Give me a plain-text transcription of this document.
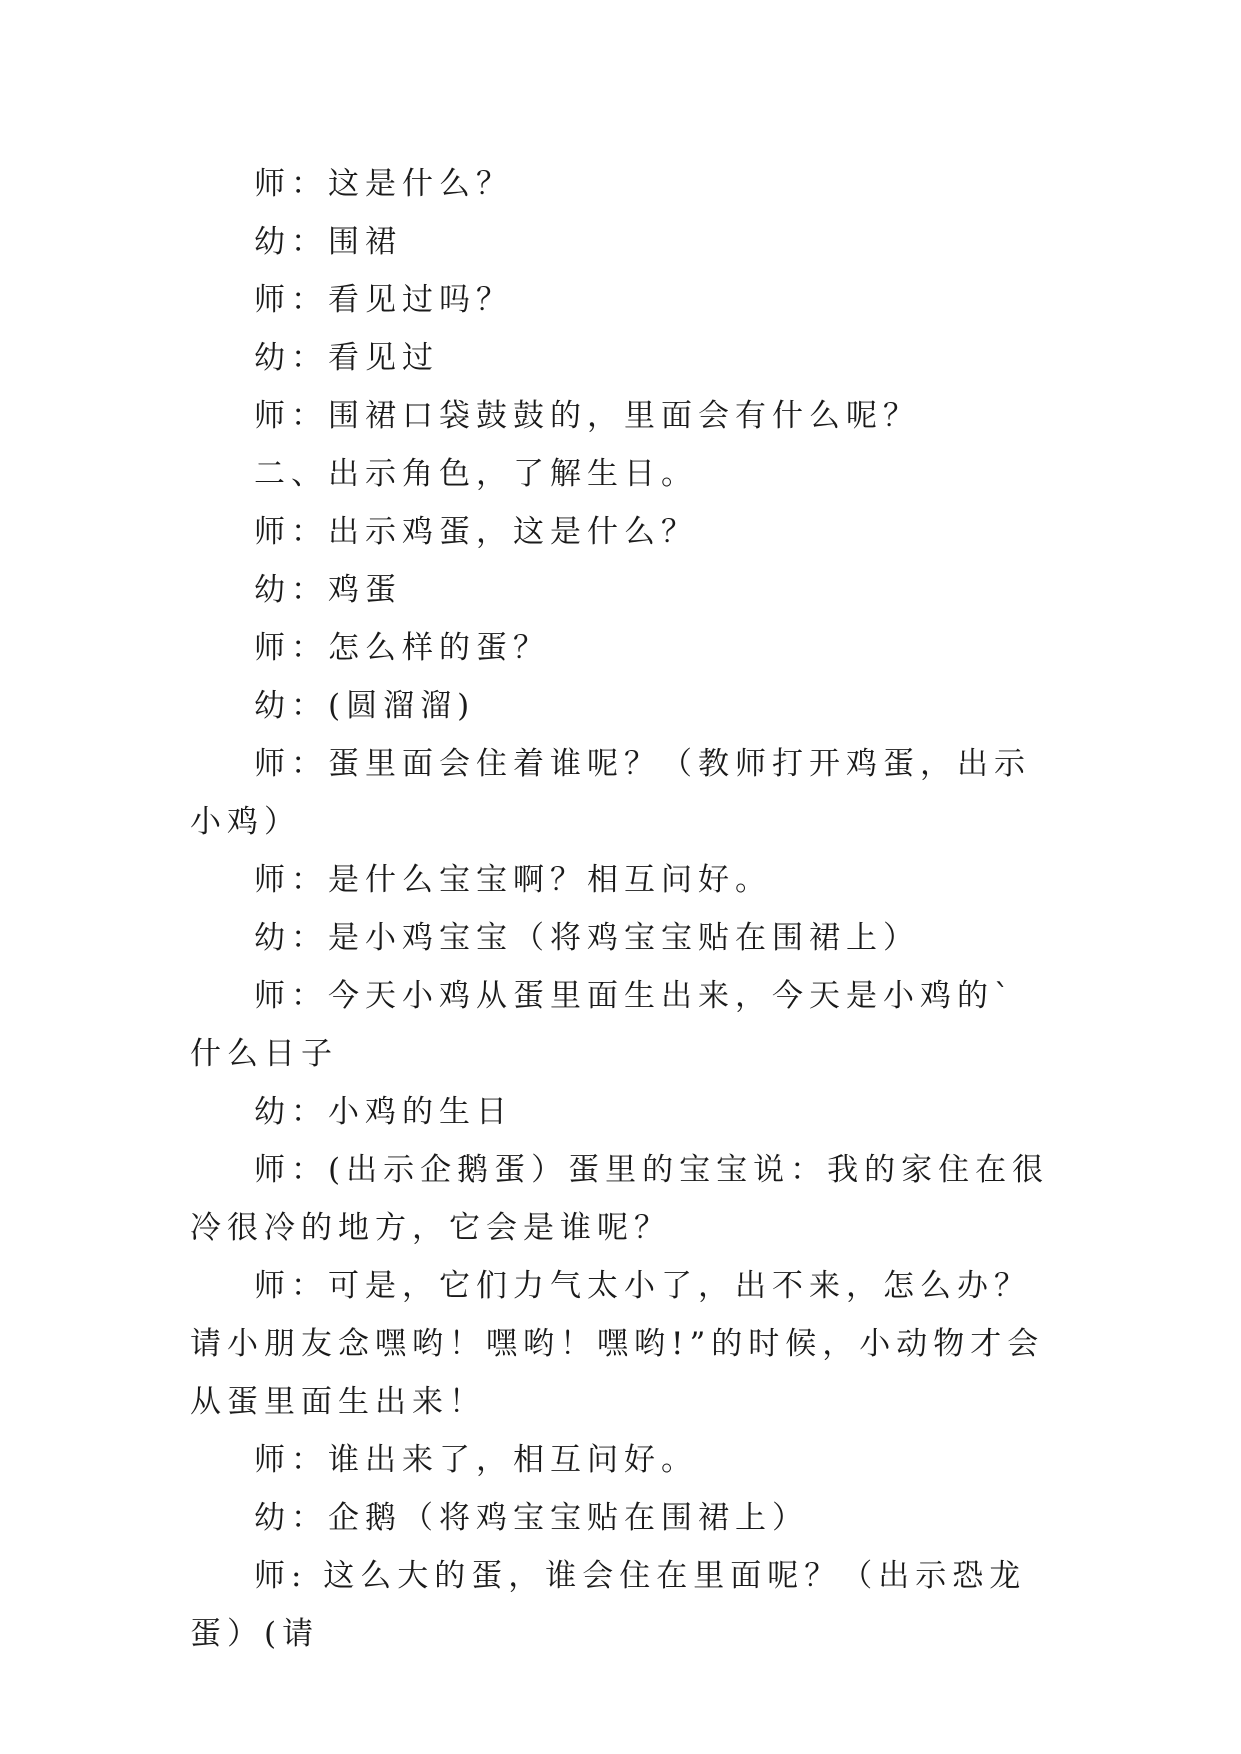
师：这是什么？

幼：围裙

师：看见过吗？

幼：看见过

师：围裙口袋鼓鼓的，里面会有什么呢？

二、出示角色，了解生日。

师：出示鸡蛋，这是什么？

幼：鸡蛋

师：怎么样的蛋？

幼：(圆溜溜)

师：蛋里面会住着谁呢？（教师打开鸡蛋，出示小鸡）

师：是什么宝宝啊？相互问好。

幼：是小鸡宝宝（将鸡宝宝贴在围裙上）

师：今天小鸡从蛋里面生出来，今天是小鸡的`什么日子

幼：小鸡的生日

师：(出示企鹅蛋）蛋里的宝宝说：我的家住在很冷很冷的地方，它会是谁呢？

师：可是，它们力气太小了，出不来，怎么办？请小朋友念嘿哟！嘿哟！嘿哟!”的时候，小动物才会从蛋里面生出来！

师：谁出来了，相互问好。

幼：企鹅（将鸡宝宝贴在围裙上）

师: 这么大的蛋，谁会住在里面呢？（出示恐龙蛋）(请
